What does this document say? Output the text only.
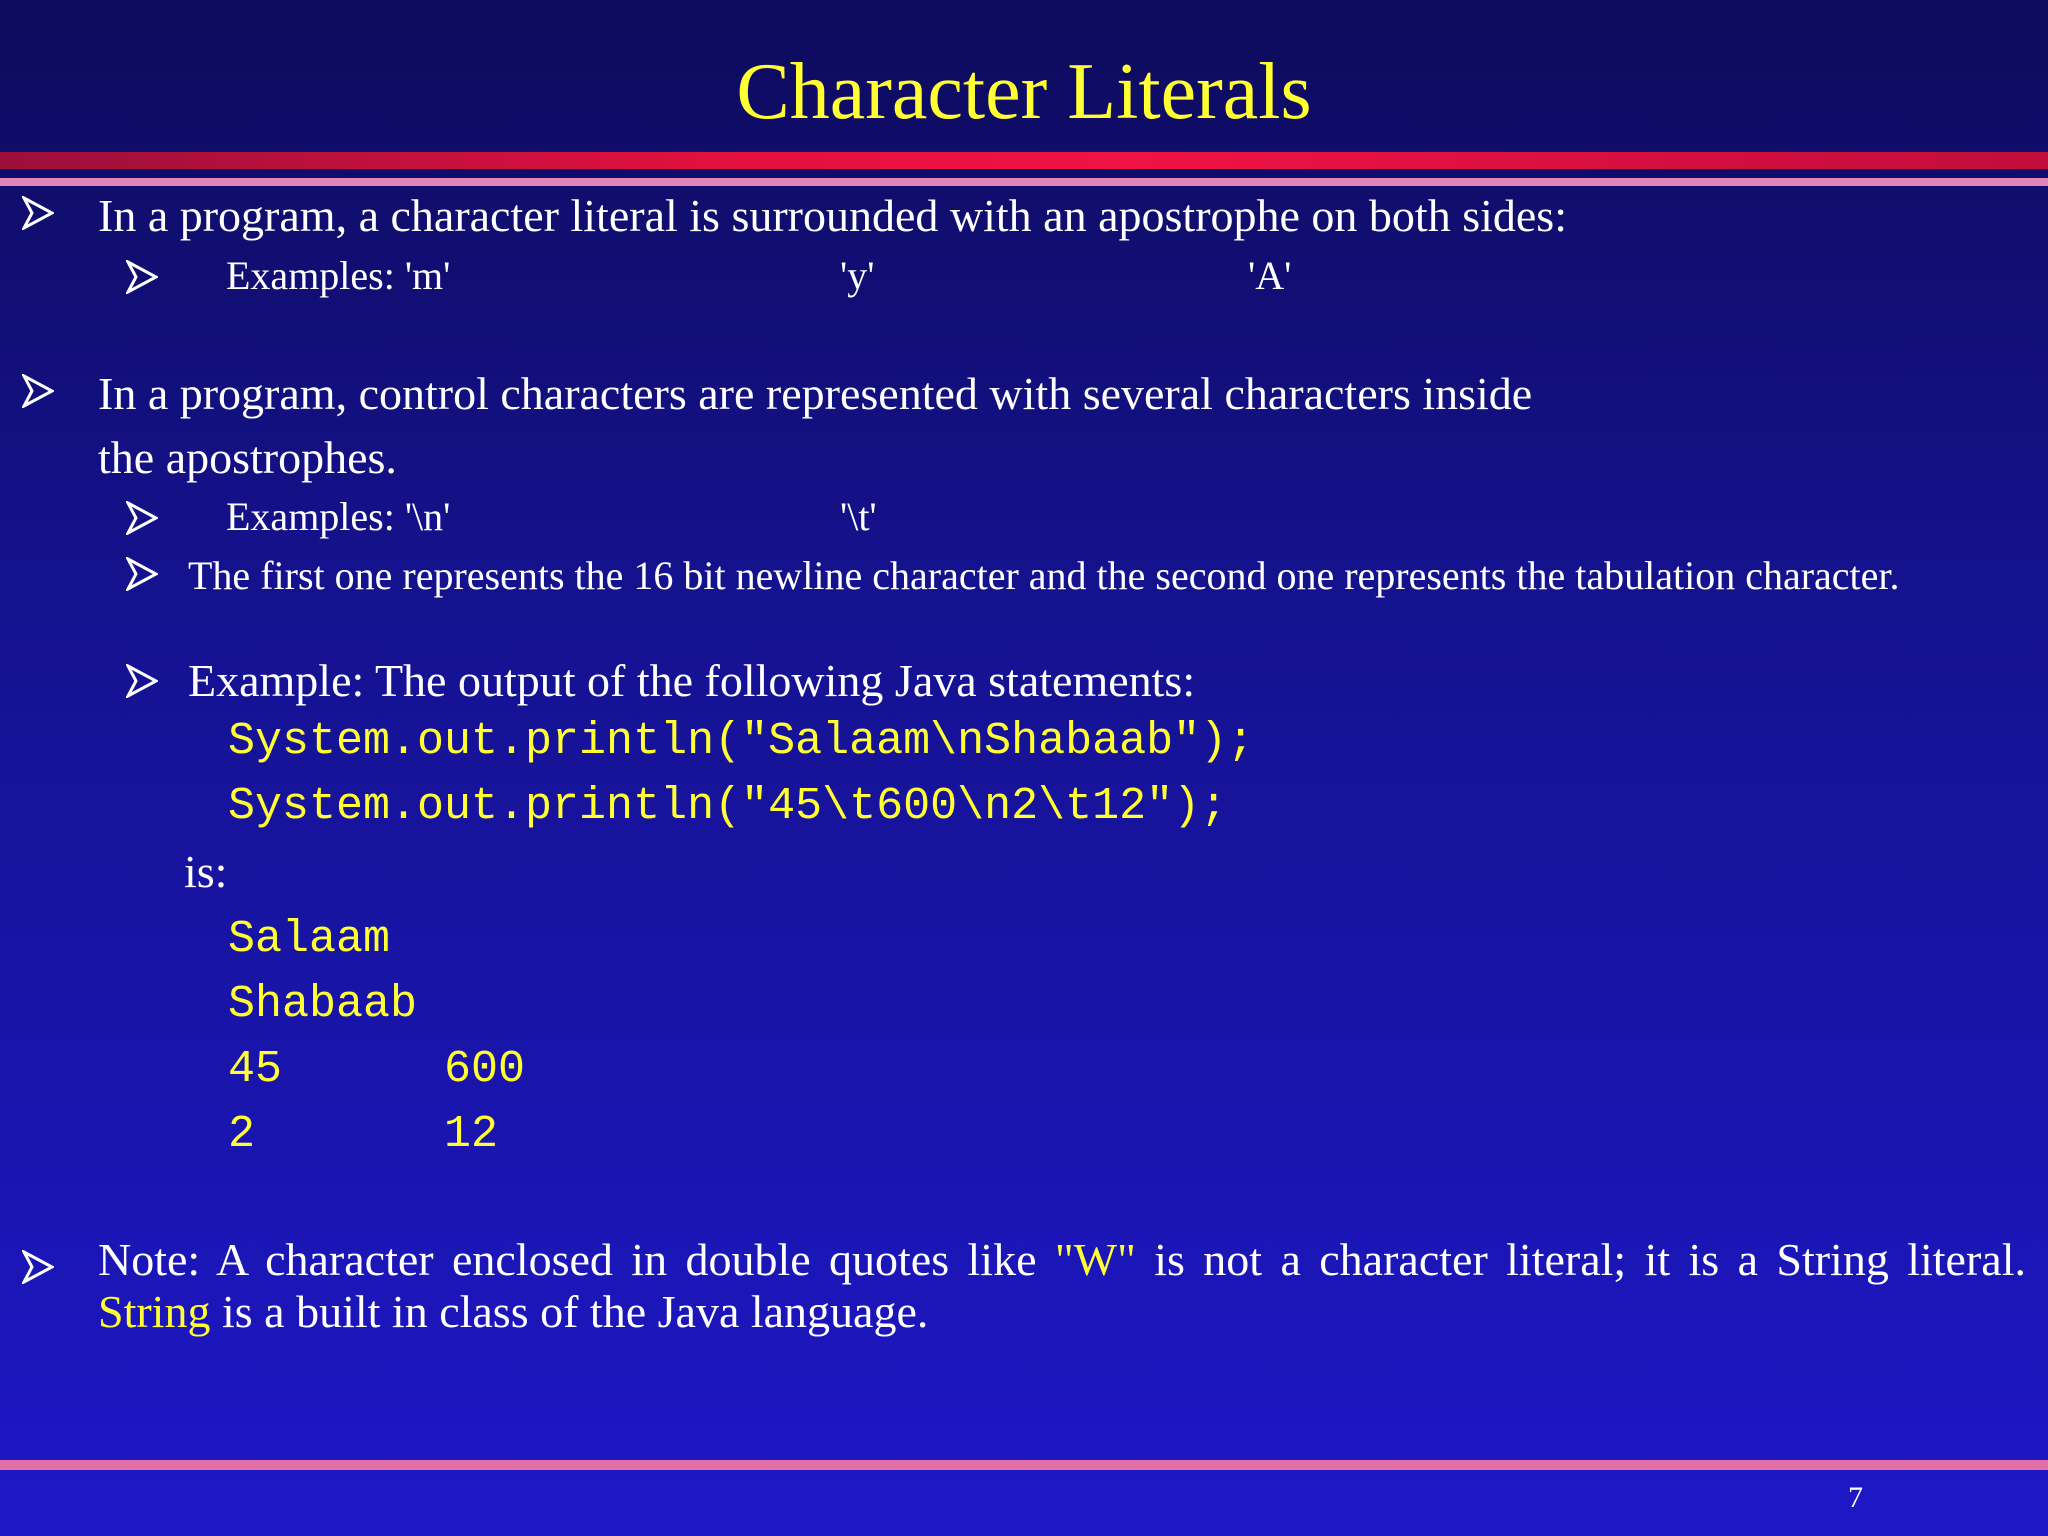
Character Literals
In a program, a character literal is surrounded with an apostrophe on both sides:
Examples: 'm'	'y'	'A'
In a program, control characters are represented with several characters inside
the apostrophes.
Examples: '\n'	'\t'
The first one represents the 16 bit newline character and the second one represents the tabulation character.
Example: The output of the following Java statements:
System.out.println("Salaam\nShabaab");
System.out.println("45\t600\n2\t12");
is:
Salaam
Shabaab
45      600
2       12
Note: A character enclosed in double quotes like "W" is not a character literal; it is a String literal. String is a built in class of the Java language.
7
